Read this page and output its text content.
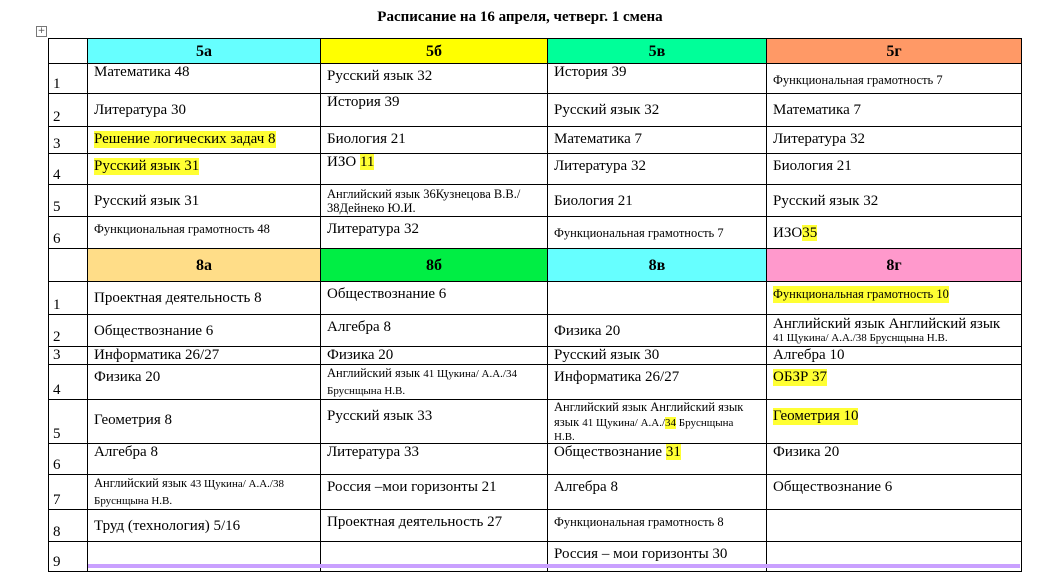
Расписание на 16 апреля, четверг. 1 смена
+
	5а	5б	5в	5г
1	Математика 48	Русский язык 32	История 39	Функциональная грамотность 7
2	Литература 30	История 39	Русский язык 32	Математика 7
3	Решение логических задач 8	Биология 21	Математика 7	Литература 32
4	Русский язык 31	ИЗО 11	Литература 32	Биология 21
5	Русский язык 31	Английский язык 36Кузнецова В.В./ 38Дейнеко Ю.И.	Биология 21	Русский язык 32
6	Функциональная грамотность 48	Литература 32	Функциональная грамотность 7	ИЗО35
	8а	8б	8в	8г
1	Проектная деятельность 8	Обществознание 6		Функциональная грамотность 10
2	Обществознание 6	Алгебра 8	Физика 20	Английский язык Английский язык
41 Щукина/ А.А./38 Бруснщына Н.В.

3	Информатика 26/27	Физика 20	Русский язык 30	Алгебра 10
4	Физика 20	Английский язык 41 Щукина/ А.А./34 Бруснщына Н.В.	Информатика 26/27	ОБЗР 37
5	Геометрия 8	Русский язык 33	Английский язык Английский язык
язык 41 Щукина/ А.А./34 Бруснщына
Н.В.	Геометрия 10
6	Алгебра 8	Литература 33	Обществознание 31	Физика 20
7	Английский язык 43 Щукина/ А.А./38 Бруснщына Н.В.	Россия –мои горизонты 21	Алгебра 8	Обществознание 6
8	Труд (технология) 5/16	Проектная деятельность 27	Функциональная грамотность 8	
9			Россия – мои горизонты 30	
